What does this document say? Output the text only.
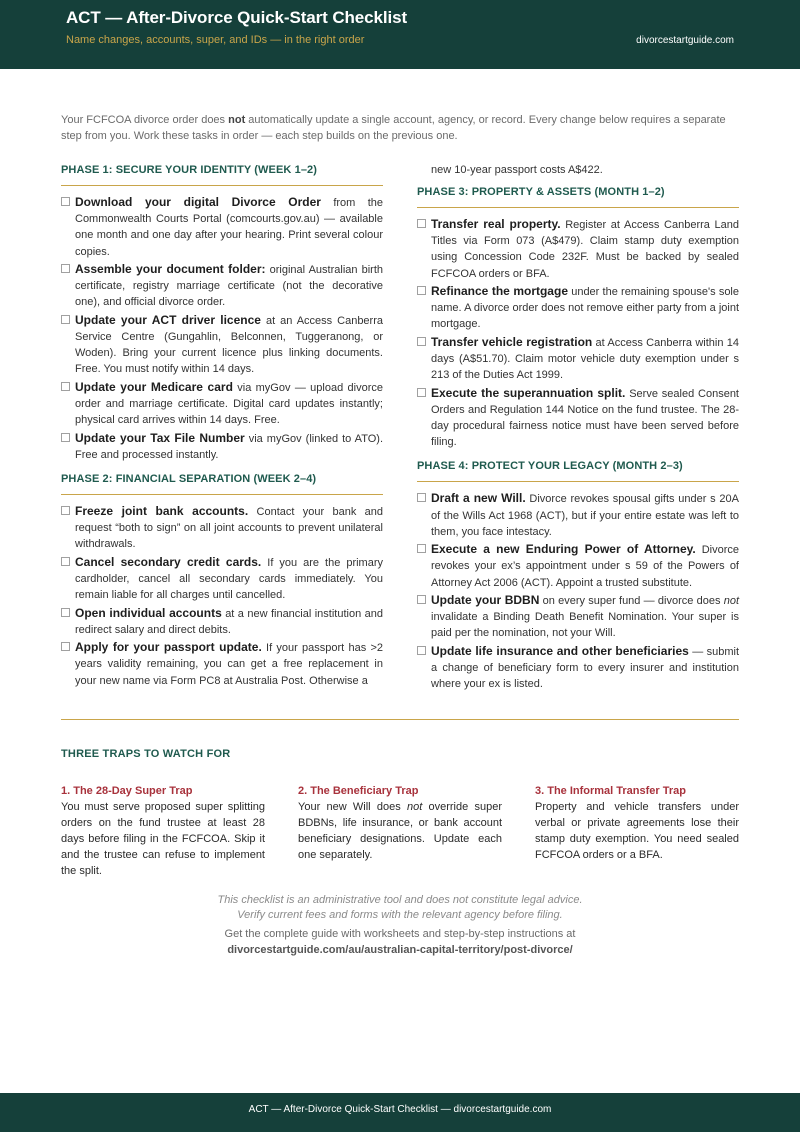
ACT — After-Divorce Quick-Start Checklist
Name changes, accounts, super, and IDs — in the right order	divorcestartguide.com

Your FCFCOA divorce order does not automatically update a single account, agency, or record. Every change below requires a separate step from you. Work these tasks in order — each step builds on the previous one.

PHASE 1: SECURE YOUR IDENTITY (WEEK 1–2)
Download your digital Divorce Order from the Commonwealth Courts Portal (comcourts.gov.au) — available one month and one day after your hearing. Print several colour copies.
Assemble your document folder: original Australian birth certificate, registry marriage certificate (not the decorative one), and official divorce order.
Update your ACT driver licence at an Access Canberra Service Centre (Gungahlin, Belconnen, Tuggeranong, or Woden). Bring your current licence plus linking documents. Free. You must notify within 14 days.
Update your Medicare card via myGov — upload divorce order and marriage certificate. Digital card updates instantly; physical card arrives within 14 days. Free.
Update your Tax File Number via myGov (linked to ATO). Free and processed instantly.
PHASE 2: FINANCIAL SEPARATION (WEEK 2–4)
Freeze joint bank accounts. Contact your bank and request “both to sign” on all joint accounts to prevent unilateral withdrawals.
Cancel secondary credit cards. If you are the primary cardholder, cancel all secondary cards immediately. You remain liable for all charges until cancelled.
Open individual accounts at a new financial institution and redirect salary and direct debits.
Apply for your passport update. If your passport has >2 years validity remaining, you can get a free replacement in your new name via Form PC8 at Australia Post. Otherwise a
new 10-year passport costs A$422.
PHASE 3: PROPERTY & ASSETS (MONTH 1–2)
Transfer real property. Register at Access Canberra Land Titles via Form 073 (A$479). Claim stamp duty exemption using Concession Code 232F. Must be backed by sealed FCFCOA orders or BFA.
Refinance the mortgage under the remaining spouse's sole name. A divorce order does not remove either party from a joint mortgage.
Transfer vehicle registration at Access Canberra within 14 days (A$51.70). Claim motor vehicle duty exemption under s 213 of the Duties Act 1999.
Execute the superannuation split. Serve sealed Consent Orders and Regulation 144 Notice on the fund trustee. The 28-day procedural fairness notice must have been served before filing.
PHASE 4: PROTECT YOUR LEGACY (MONTH 2–3)
Draft a new Will. Divorce revokes spousal gifts under s 20A of the Wills Act 1968 (ACT), but if your entire estate was left to them, you face intestacy.
Execute a new Enduring Power of Attorney. Divorce revokes your ex’s appointment under s 59 of the Powers of Attorney Act 2006 (ACT). Appoint a trusted substitute.
Update your BDBN on every super fund — divorce does not invalidate a Binding Death Benefit Nomination. Your super is paid per the nomination, not your Will.
Update life insurance and other beneficiaries — submit a change of beneficiary form to every insurer and institution where your ex is listed.
THREE TRAPS TO WATCH FOR
1. The 28-Day Super Trap
You must serve proposed super splitting orders on the fund trustee at least 28 days before filing in the FCFCOA. Skip it and the trustee can refuse to implement the split.
2. The Beneficiary Trap
Your new Will does not override super BDBNs, life insurance, or bank account beneficiary designations. Update each one separately.
3. The Informal Transfer Trap
Property and vehicle transfers under verbal or private agreements lose their stamp duty exemption. You need sealed FCFCOA orders or a BFA.
This checklist is an administrative tool and does not constitute legal advice.
Verify current fees and forms with the relevant agency before filing.
Get the complete guide with worksheets and step-by-step instructions at
divorcestartguide.com/au/australian-capital-territory/post-divorce/
ACT — After-Divorce Quick-Start Checklist — divorcestartguide.com
